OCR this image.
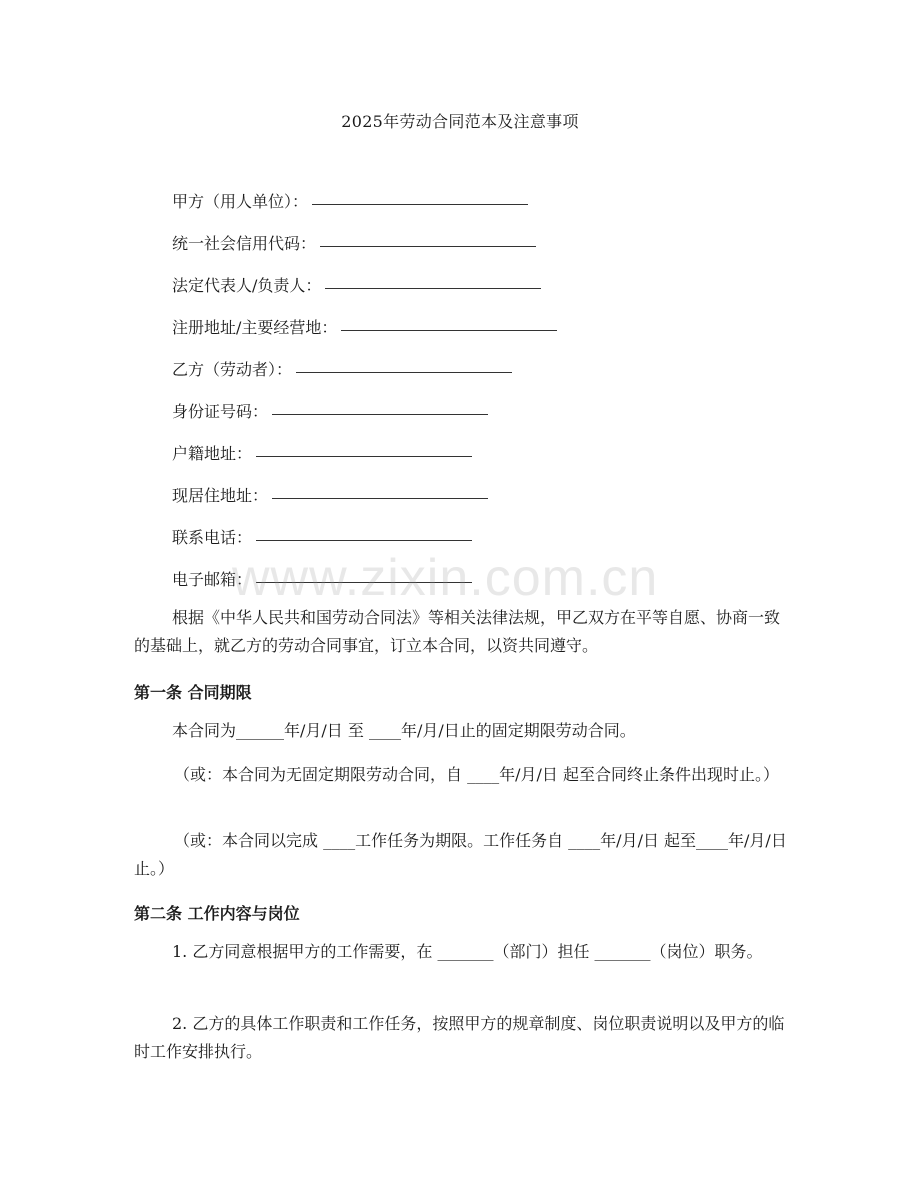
2025年劳动合同范本及注意事项
甲方（用人单位）：
统一社会信用代码：
法定代表人/负责人：
注册地址/主要经营地：
乙方（劳动者）：
身份证号码：
户籍地址：
现居住地址：
联系电话：
电子邮箱：
www.zixin.com.cn
根据《中华人民共和国劳动合同法》等相关法律法规，甲乙双方在平等自愿、协商一致的基础上，就乙方的劳动合同事宜，订立本合同，以资共同遵守。
第一条 合同期限
本合同为______年/月/日 至 ____年/月/日止的固定期限劳动合同。
（或：本合同为无固定期限劳动合同，自 ____年/月/日 起至合同终止条件出现时止。）
（或：本合同以完成 ____工作任务为期限。工作任务自 ____年/月/日 起至____年/月/日 止。）
第二条 工作内容与岗位
1. 乙方同意根据甲方的工作需要，在 _______（部门）担任 _______（岗位）职务。
2. 乙方的具体工作职责和工作任务，按照甲方的规章制度、岗位职责说明以及甲方的临时工作安排执行。
